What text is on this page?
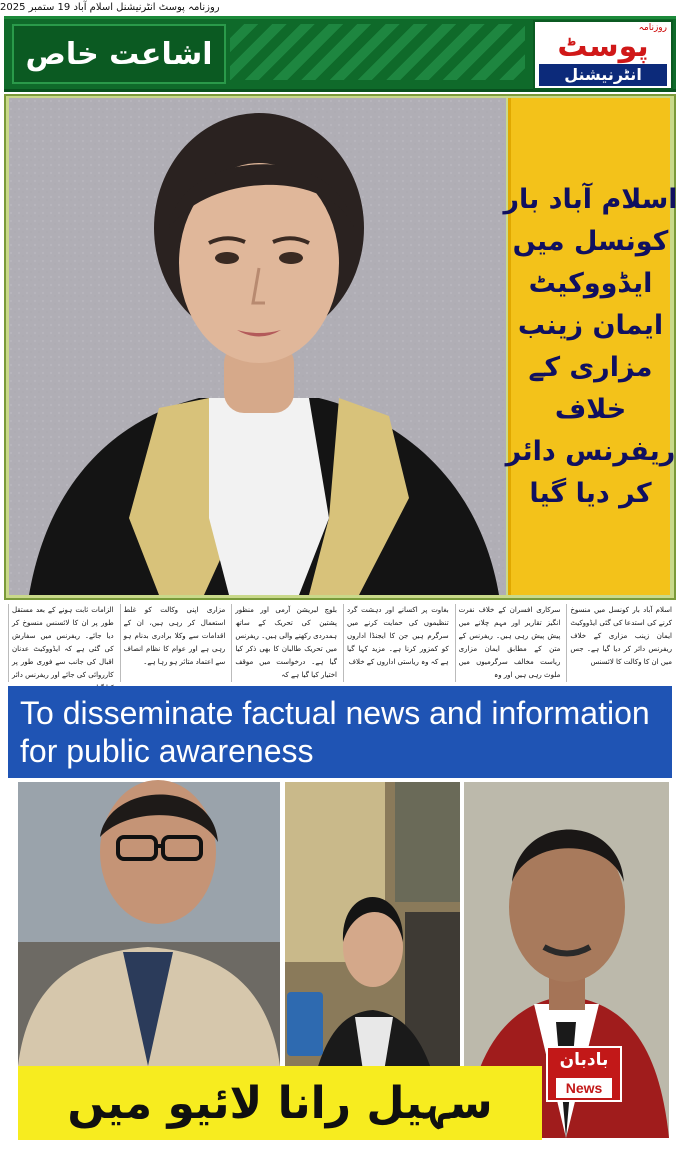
روزنامہ پوسٹ انٹرنیشنل اسلام آباد 19 ستمبر 2025
اشاعت خاص
روزنامہ
پوسٹ
انٹرنیشنل
اسلام آباد بار
کونسل میں
ایڈووکیٹ
ایمان زینب
مزاری کے
خلاف
ریفرنس دائر
کر دیا گیا
اسلام آباد بار کونسل میں منسوخ کرنے کی استدعا کی گئی ایڈووکیٹ ایمان زینب مزاری کے خلاف ریفرنس دائر کر دیا گیا ہے۔ جس میں ان کا وکالت کا لائسنس
سرکاری افسران کے خلاف نفرت انگیز تقاریر اور مہم چلانے میں پیش پیش رہی ہیں۔ ریفرنس کے متن کے مطابق ایمان مزاری ریاست مخالف سرگرمیوں میں ملوث رہی ہیں اور وہ
بغاوت پر اکسانے اور دہشت گرد تنظیموں کی حمایت کرنے میں سرگرم ہیں جن کا ایجنڈا اداروں کو کمزور کرنا ہے۔ مزید کہا گیا ہے کہ وہ ریاستی اداروں کے خلاف
بلوچ لبریشن آرمی اور منظور پشتین کی تحریک کے ساتھ ہمدردی رکھنے والی ہیں۔ ریفرنس میں تحریک طالبان کا بھی ذکر کیا گیا ہے۔ درخواست میں موقف اختیار کیا گیا ہے کہ
مزاری اپنی وکالت کو غلط استعمال کر رہی ہیں، ان کے اقدامات سے وکلا برادری بدنام ہو رہی ہے اور عوام کا نظام انصاف سے اعتماد متاثر ہو رہا ہے۔
الزامات ثابت ہونے کے بعد مستقل طور پر ان کا لائسنس منسوخ کر دیا جائے۔ ریفرنس میں سفارش کی گئی ہے کہ ایڈووکیٹ عدنان اقبال کی جانب سے فوری طور پر کارروائی کی جائے اور ریفرنس دائر
To disseminate factual news and information for public awareness
سہیل رانا لائیو میں
بادبان
News
